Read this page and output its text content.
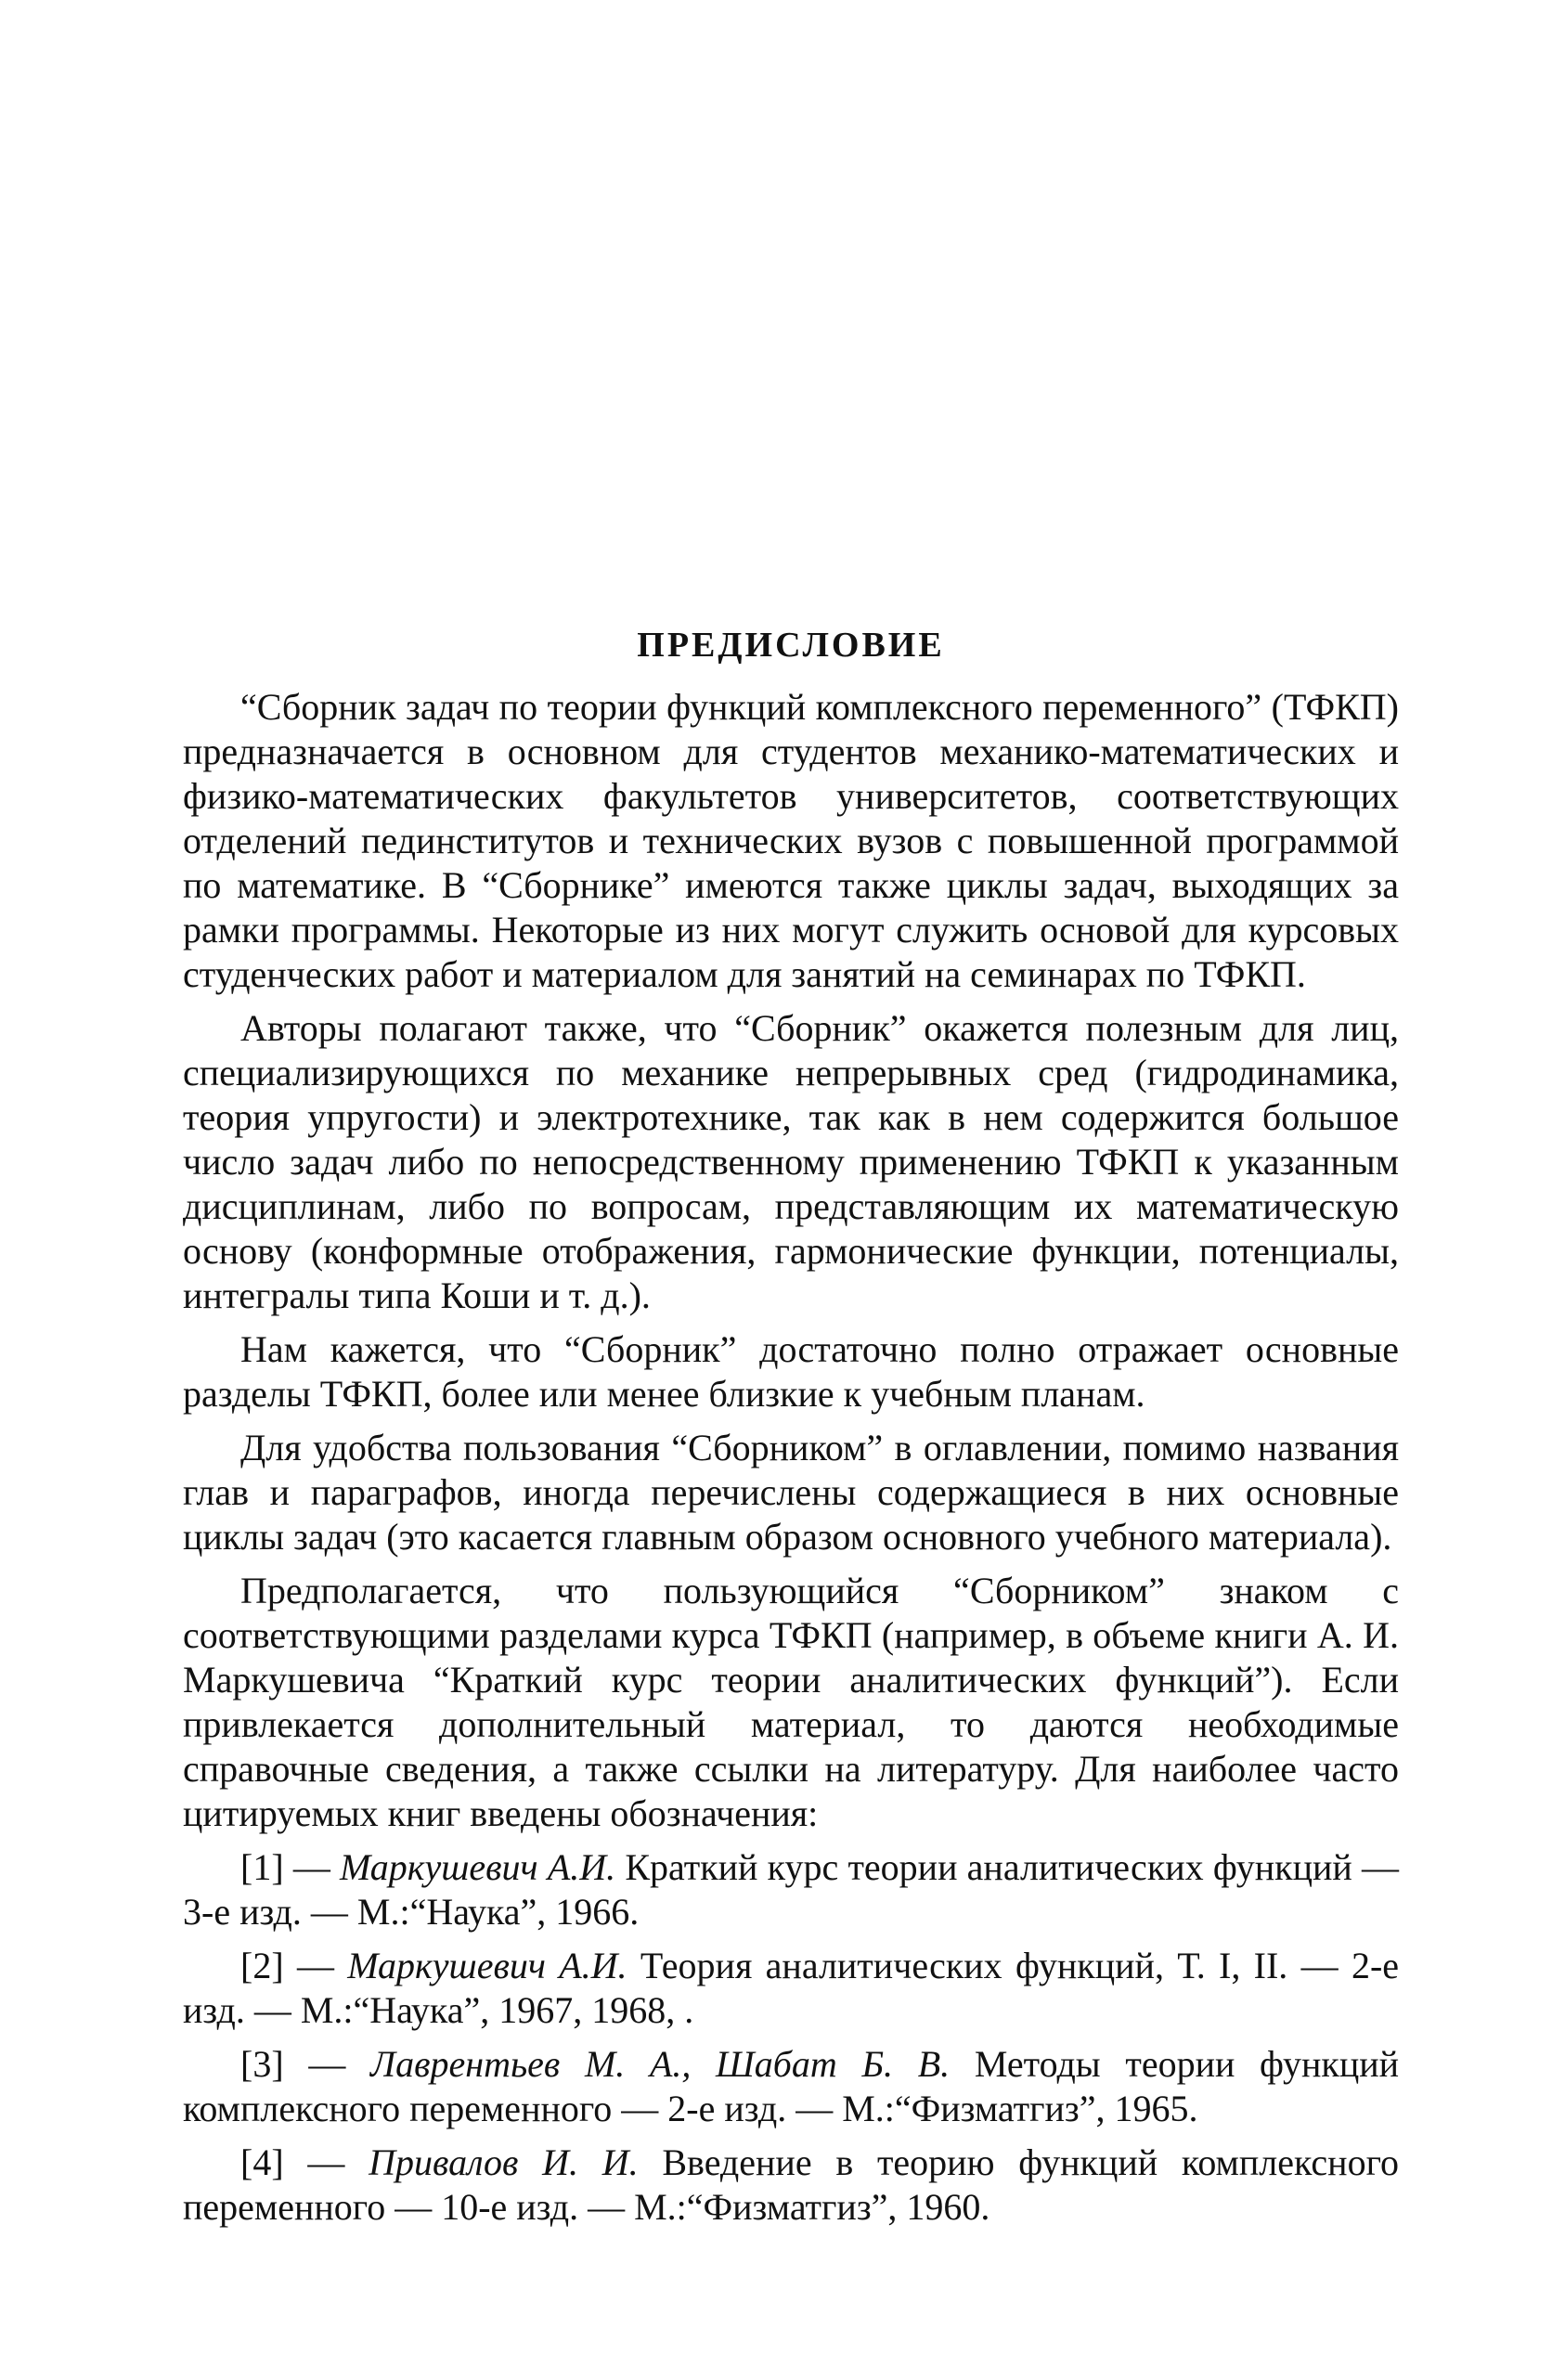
ПРЕДИСЛОВИЕ

“Сборник задач по теории функций комплексного переменного” (ТФКП) предназначается в основном для студентов механико-математических и физико-математических факультетов университетов, соответствующих отделений пединститутов и технических вузов с повышенной программой по математике. В “Сборнике” имеются также циклы задач, выходящих за рамки программы. Некоторые из них могут служить основой для курсовых студенческих работ и материалом для занятий на семинарах по ТФКП.

Авторы полагают также, что “Сборник” окажется полезным для лиц, специализирующихся по механике непрерывных сред (гидродинамика, теория упругости) и электротехнике, так как в нем содержится большое число задач либо по непосредственному применению ТФКП к указанным дисциплинам, либо по вопросам, представляющим их математическую основу (конформные отображения, гармонические функции, потенциалы, интегралы типа Коши и т. д.).

Нам кажется, что “Сборник” достаточно полно отражает основные разделы ТФКП, более или менее близкие к учебным планам.

Для удобства пользования “Сборником” в оглавлении, помимо названия глав и параграфов, иногда перечислены содержащиеся в них основные циклы задач (это касается главным образом основного учебного материала).

Предполагается, что пользующийся “Сборником” знаком с соответствующими разделами курса ТФКП (например, в объеме книги А. И. Маркушевича “Краткий курс теории аналитических функций”). Если привлекается дополнительный материал, то даются необходимые справочные сведения, а также ссылки на литературу. Для наиболее часто цитируемых книг введены обозначения:

[1] — Маркушевич А.И. Краткий курс теории аналитических функций — 3-е изд. — М.:“Наука”, 1966.

[2] — Маркушевич А.И. Теория аналитических функций, Т. I, II. — 2-е изд. — М.:“Наука”, 1967, 1968, .

[3] — Лаврентьев М. А., Шабат Б. В. Методы теории функций комплексного переменного — 2-е изд. — М.:“Физматгиз”, 1965.

[4] — Привалов И. И. Введение в теорию функций комплексного переменного — 10-е изд. — М.:“Физматгиз”, 1960.
